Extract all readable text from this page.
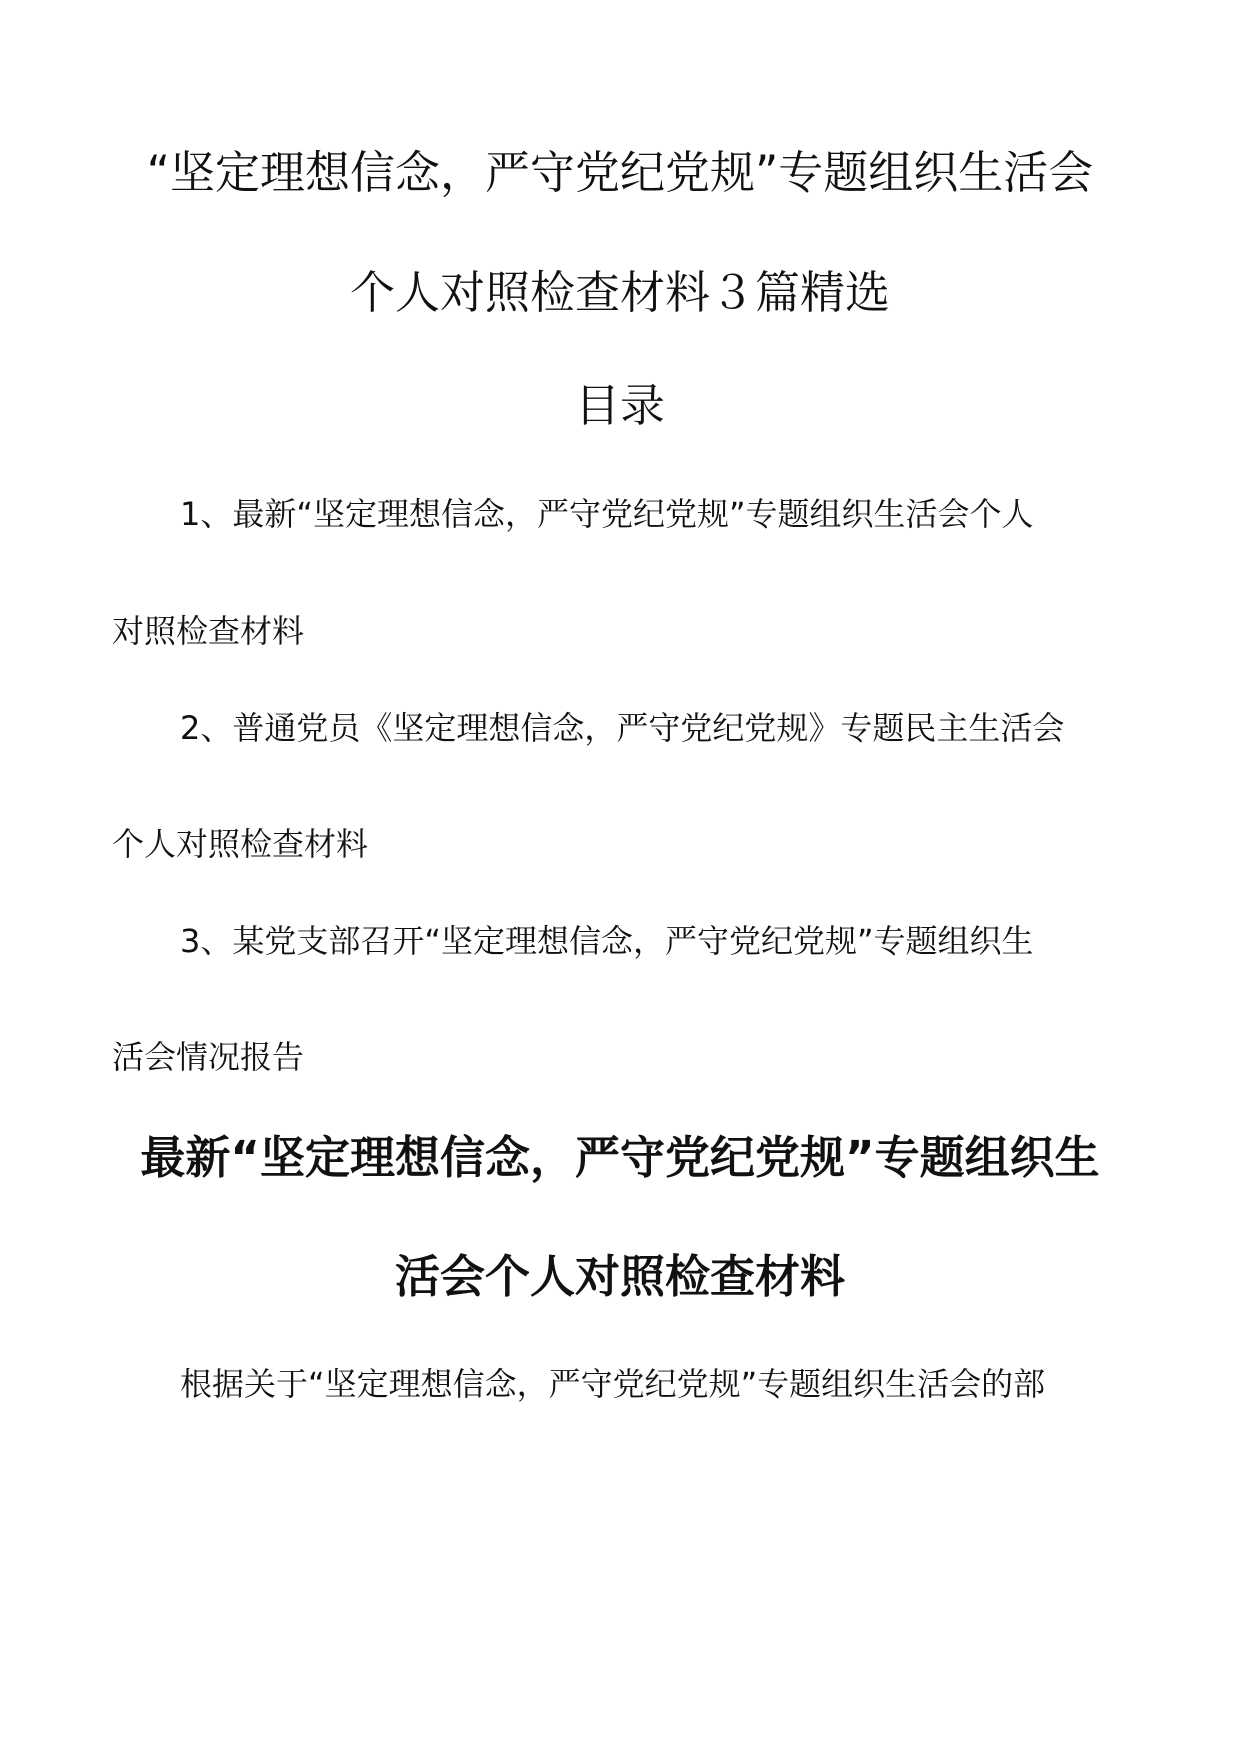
“坚定理想信念，严守党纪党规”专题组织生活会
个人对照检查材料３篇精选
目录
1、最新“坚定理想信念，严守党纪党规”专题组织生活会个人
对照检查材料
2、普通党员《坚定理想信念，严守党纪党规》专题民主生活会
个人对照检查材料
3、某党支部召开“坚定理想信念，严守党纪党规”专题组织生
活会情况报告
最新“坚定理想信念，严守党纪党规”专题组织生
活会个人对照检查材料
根据关于“坚定理想信念，严守党纪党规”专题组织生活会的部
